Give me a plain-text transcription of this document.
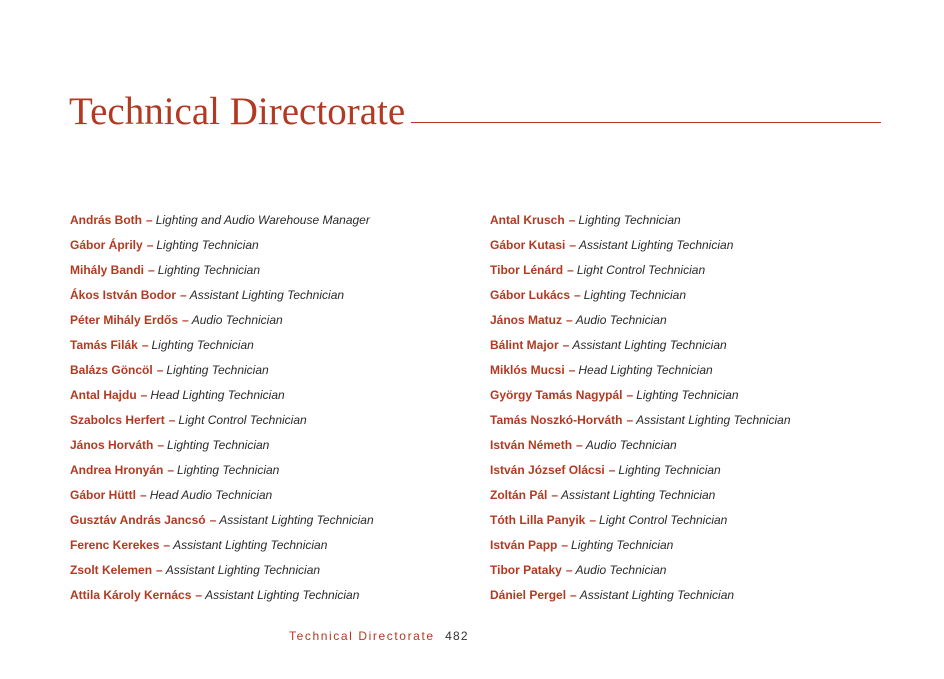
Technical Directorate
András Both – Lighting and Audio Warehouse Manager
Gábor Áprily – Lighting Technician
Mihály Bandi – Lighting Technician
Ákos István Bodor – Assistant Lighting Technician
Péter Mihály Erdős – Audio Technician
Tamás Filák – Lighting Technician
Balázs Göncöl – Lighting Technician
Antal Hajdu – Head Lighting Technician
Szabolcs Herfert – Light Control Technician
János Horváth – Lighting Technician
Andrea Hronyán – Lighting Technician
Gábor Hüttl – Head Audio Technician
Gusztáv András Jancsó – Assistant Lighting Technician
Ferenc Kerekes – Assistant Lighting Technician
Zsolt Kelemen – Assistant Lighting Technician
Attila Károly Kernács – Assistant Lighting Technician
Antal Krusch – Lighting Technician
Gábor Kutasi – Assistant Lighting Technician
Tibor Lénárd – Light Control Technician
Gábor Lukács – Lighting Technician
János Matuz – Audio Technician
Bálint Major – Assistant Lighting Technician
Miklós Mucsi – Head Lighting Technician
György Tamás Nagypál – Lighting Technician
Tamás Noszkó-Horváth – Assistant Lighting Technician
István Németh – Audio Technician
István József Olácsi – Lighting Technician
Zoltán Pál – Assistant Lighting Technician
Tóth Lilla Panyik – Light Control Technician
István Papp – Lighting Technician
Tibor Pataky – Audio Technician
Dániel Pergel – Assistant Lighting Technician
Technical Directorate 482
